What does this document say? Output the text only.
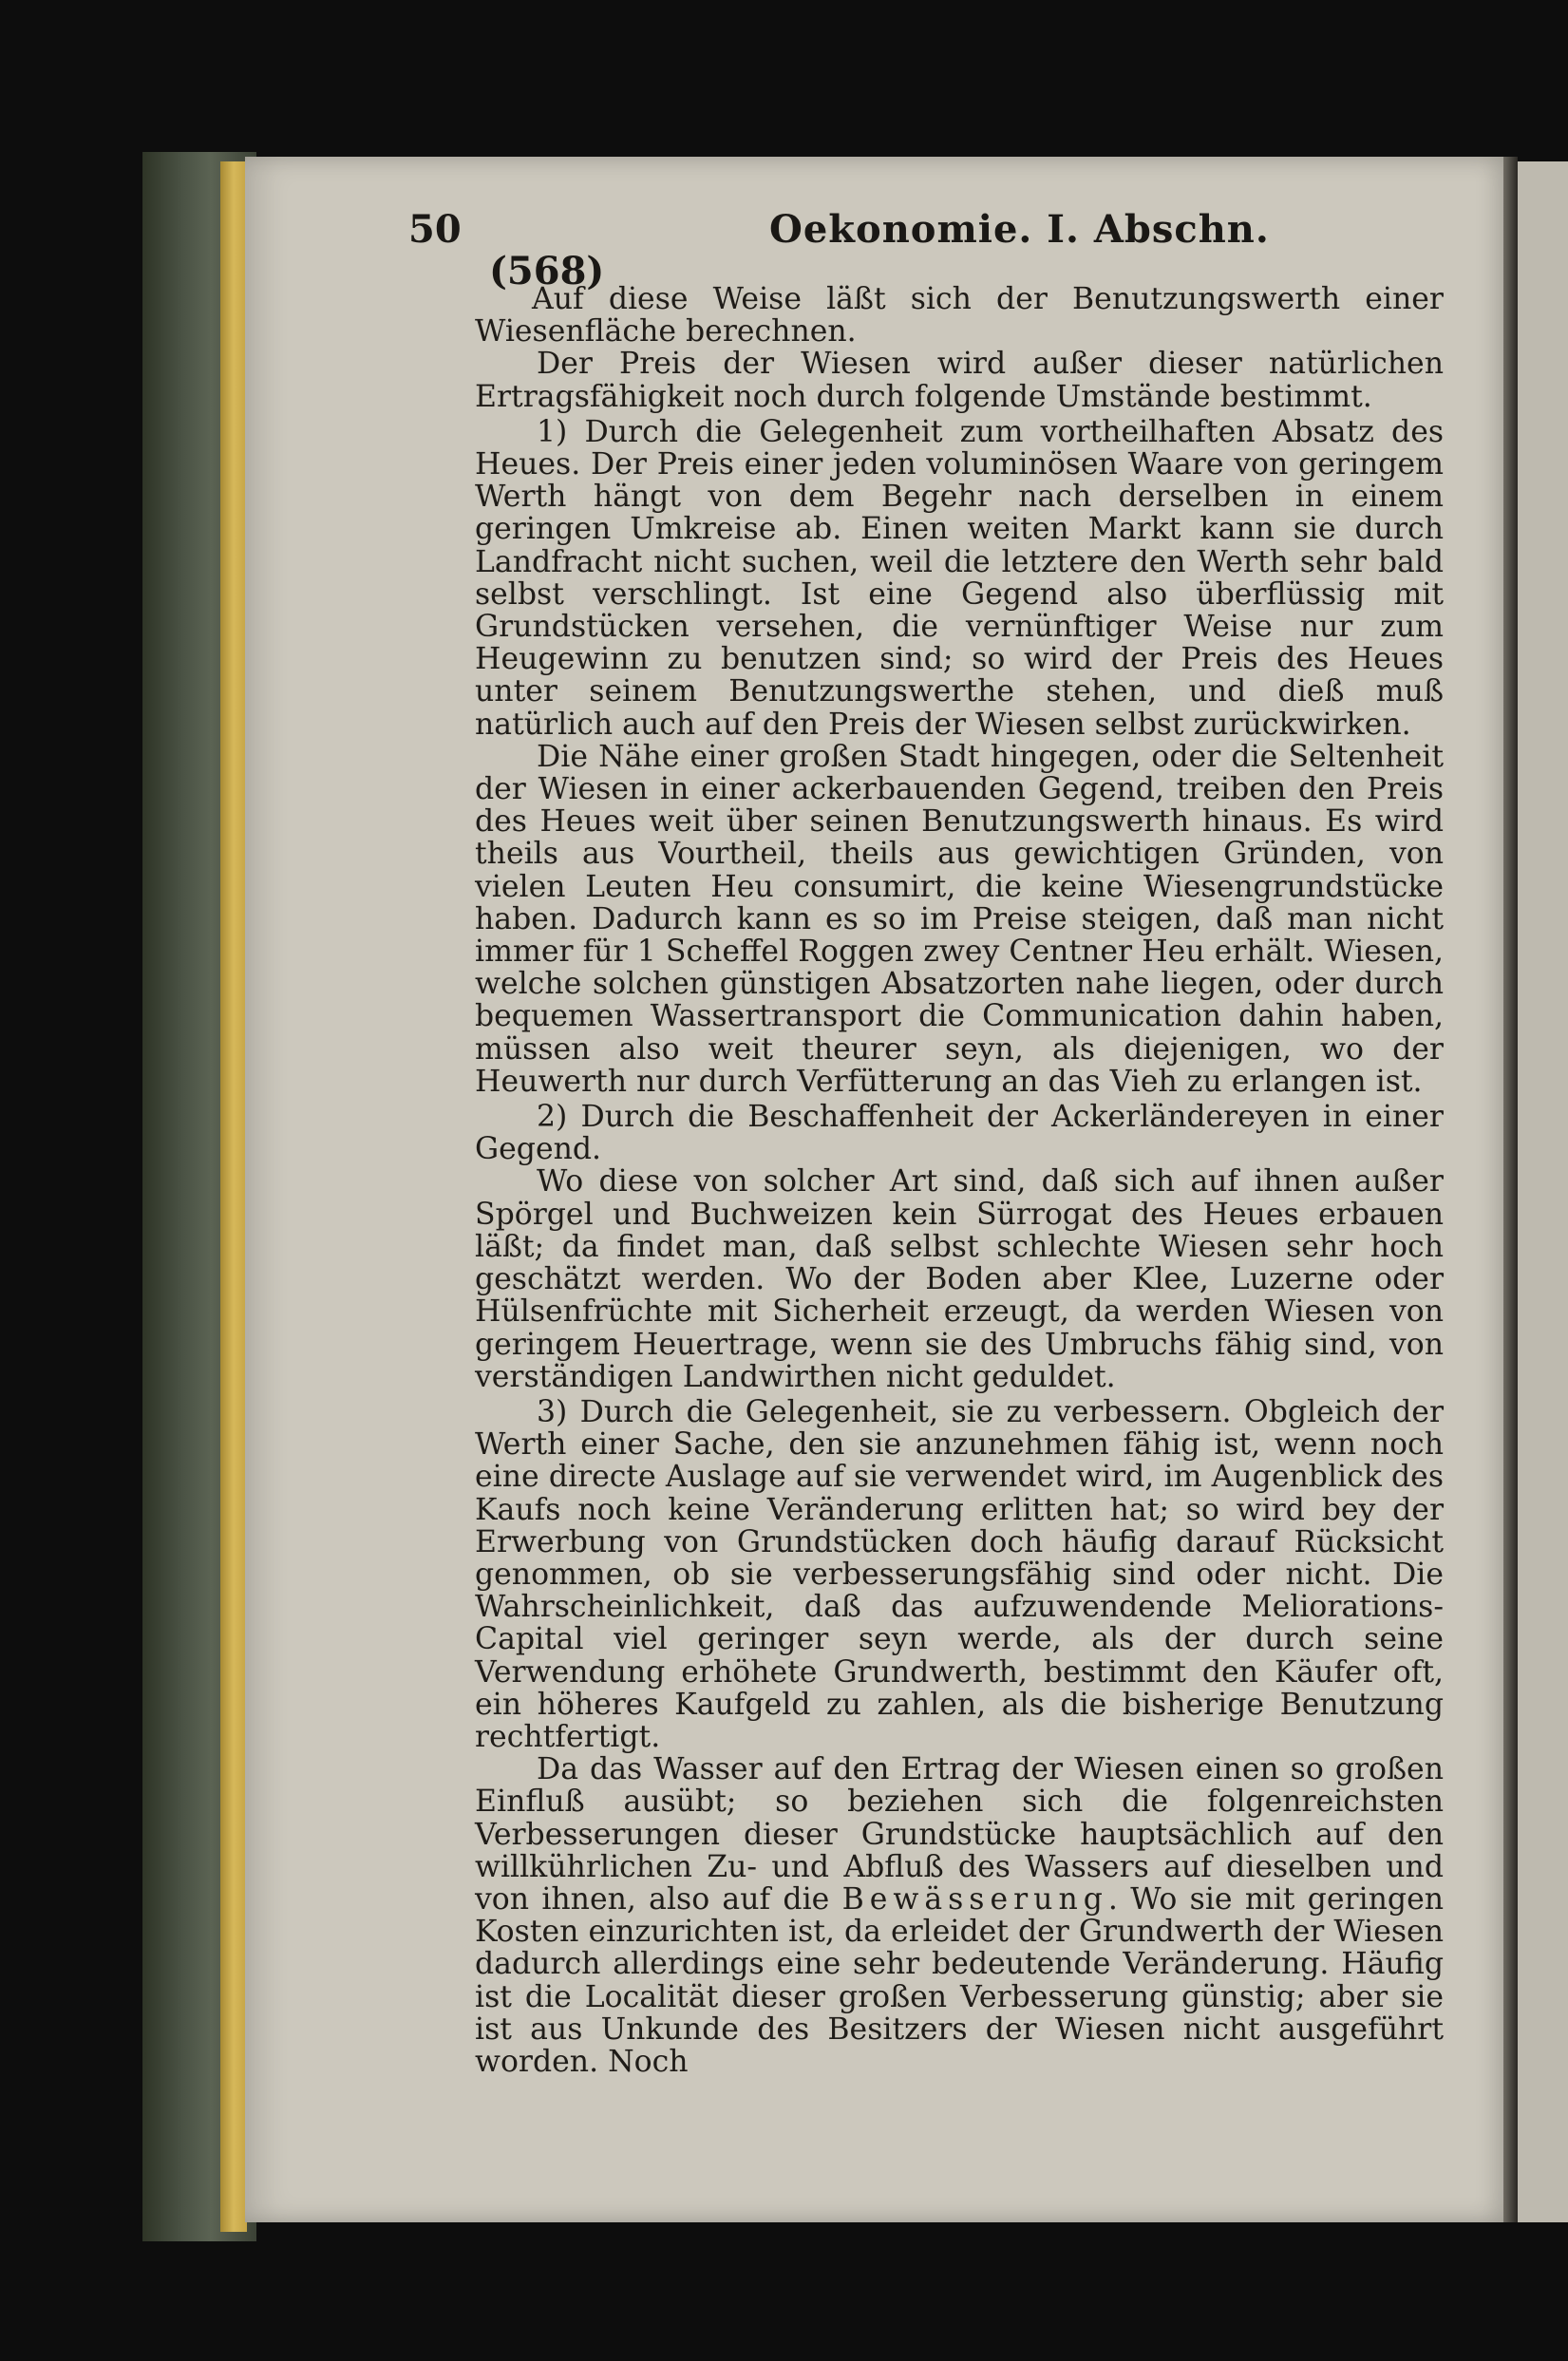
50	Oekonomie. I. Abschn.
(568)

Auf diese Weise läßt sich der Benutzungswerth einer Wiesenfläche berechnen.

Der Preis der Wiesen wird außer dieser natürlichen Ertragsfähigkeit noch durch folgende Umstände bestimmt.

1) Durch die Gelegenheit zum vortheilhaften Absatz des Heues. Der Preis einer jeden voluminösen Waare von geringem Werth hängt von dem Begehr nach derselben in einem geringen Umkreise ab. Einen weiten Markt kann sie durch Landfracht nicht suchen, weil die letztere den Werth sehr bald selbst verschlingt. Ist eine Gegend also überflüssig mit Grundstücken versehen, die vernünftiger Weise nur zum Heugewinn zu benutzen sind; so wird der Preis des Heues unter seinem Benutzungswerthe stehen, und dieß muß natürlich auch auf den Preis der Wiesen selbst zurückwirken.

Die Nähe einer großen Stadt hingegen, oder die Seltenheit der Wiesen in einer ackerbauenden Gegend, treiben den Preis des Heues weit über seinen Benutzungswerth hinaus. Es wird theils aus Vourtheil, theils aus gewichtigen Gründen, von vielen Leuten Heu consumirt, die keine Wiesengrundstücke haben. Dadurch kann es so im Preise steigen, daß man nicht immer für 1 Scheffel Roggen zwey Centner Heu erhält. Wiesen, welche solchen günstigen Absatzorten nahe liegen, oder durch bequemen Wassertransport die Communication dahin haben, müssen also weit theurer seyn, als diejenigen, wo der Heuwerth nur durch Verfütterung an das Vieh zu erlangen ist.

2) Durch die Beschaffenheit der Ackerländereyen in einer Gegend.

Wo diese von solcher Art sind, daß sich auf ihnen außer Spörgel und Buchweizen kein Sürrogat des Heues erbauen läßt; da findet man, daß selbst schlechte Wiesen sehr hoch geschätzt werden. Wo der Boden aber Klee, Luzerne oder Hülsenfrüchte mit Sicherheit erzeugt, da werden Wiesen von geringem Heuertrage, wenn sie des Umbruchs fähig sind, von verständigen Landwirthen nicht geduldet.

3) Durch die Gelegenheit, sie zu verbessern. Obgleich der Werth einer Sache, den sie anzunehmen fähig ist, wenn noch eine directe Auslage auf sie verwendet wird, im Augenblick des Kaufs noch keine Veränderung erlitten hat; so wird bey der Erwerbung von Grundstücken doch häufig darauf Rücksicht genommen, ob sie verbesserungsfähig sind oder nicht. Die Wahrscheinlichkeit, daß das aufzuwendende Meliorations-Capital viel geringer seyn werde, als der durch seine Verwendung erhöhete Grundwerth, bestimmt den Käufer oft, ein höheres Kaufgeld zu zahlen, als die bisherige Benutzung rechtfertigt.

Da das Wasser auf den Ertrag der Wiesen einen so großen Einfluß ausübt; so beziehen sich die folgenreichsten Verbesserungen dieser Grundstücke hauptsächlich auf den willkührlichen Zu- und Abfluß des Wassers auf dieselben und von ihnen, also auf die Bewässerung. Wo sie mit geringen Kosten einzurichten ist, da erleidet der Grundwerth der Wiesen dadurch allerdings eine sehr bedeutende Veränderung. Häufig ist die Localität dieser großen Verbesserung günstig; aber sie ist aus Unkunde des Besitzers der Wiesen nicht ausgeführt worden. Noch
